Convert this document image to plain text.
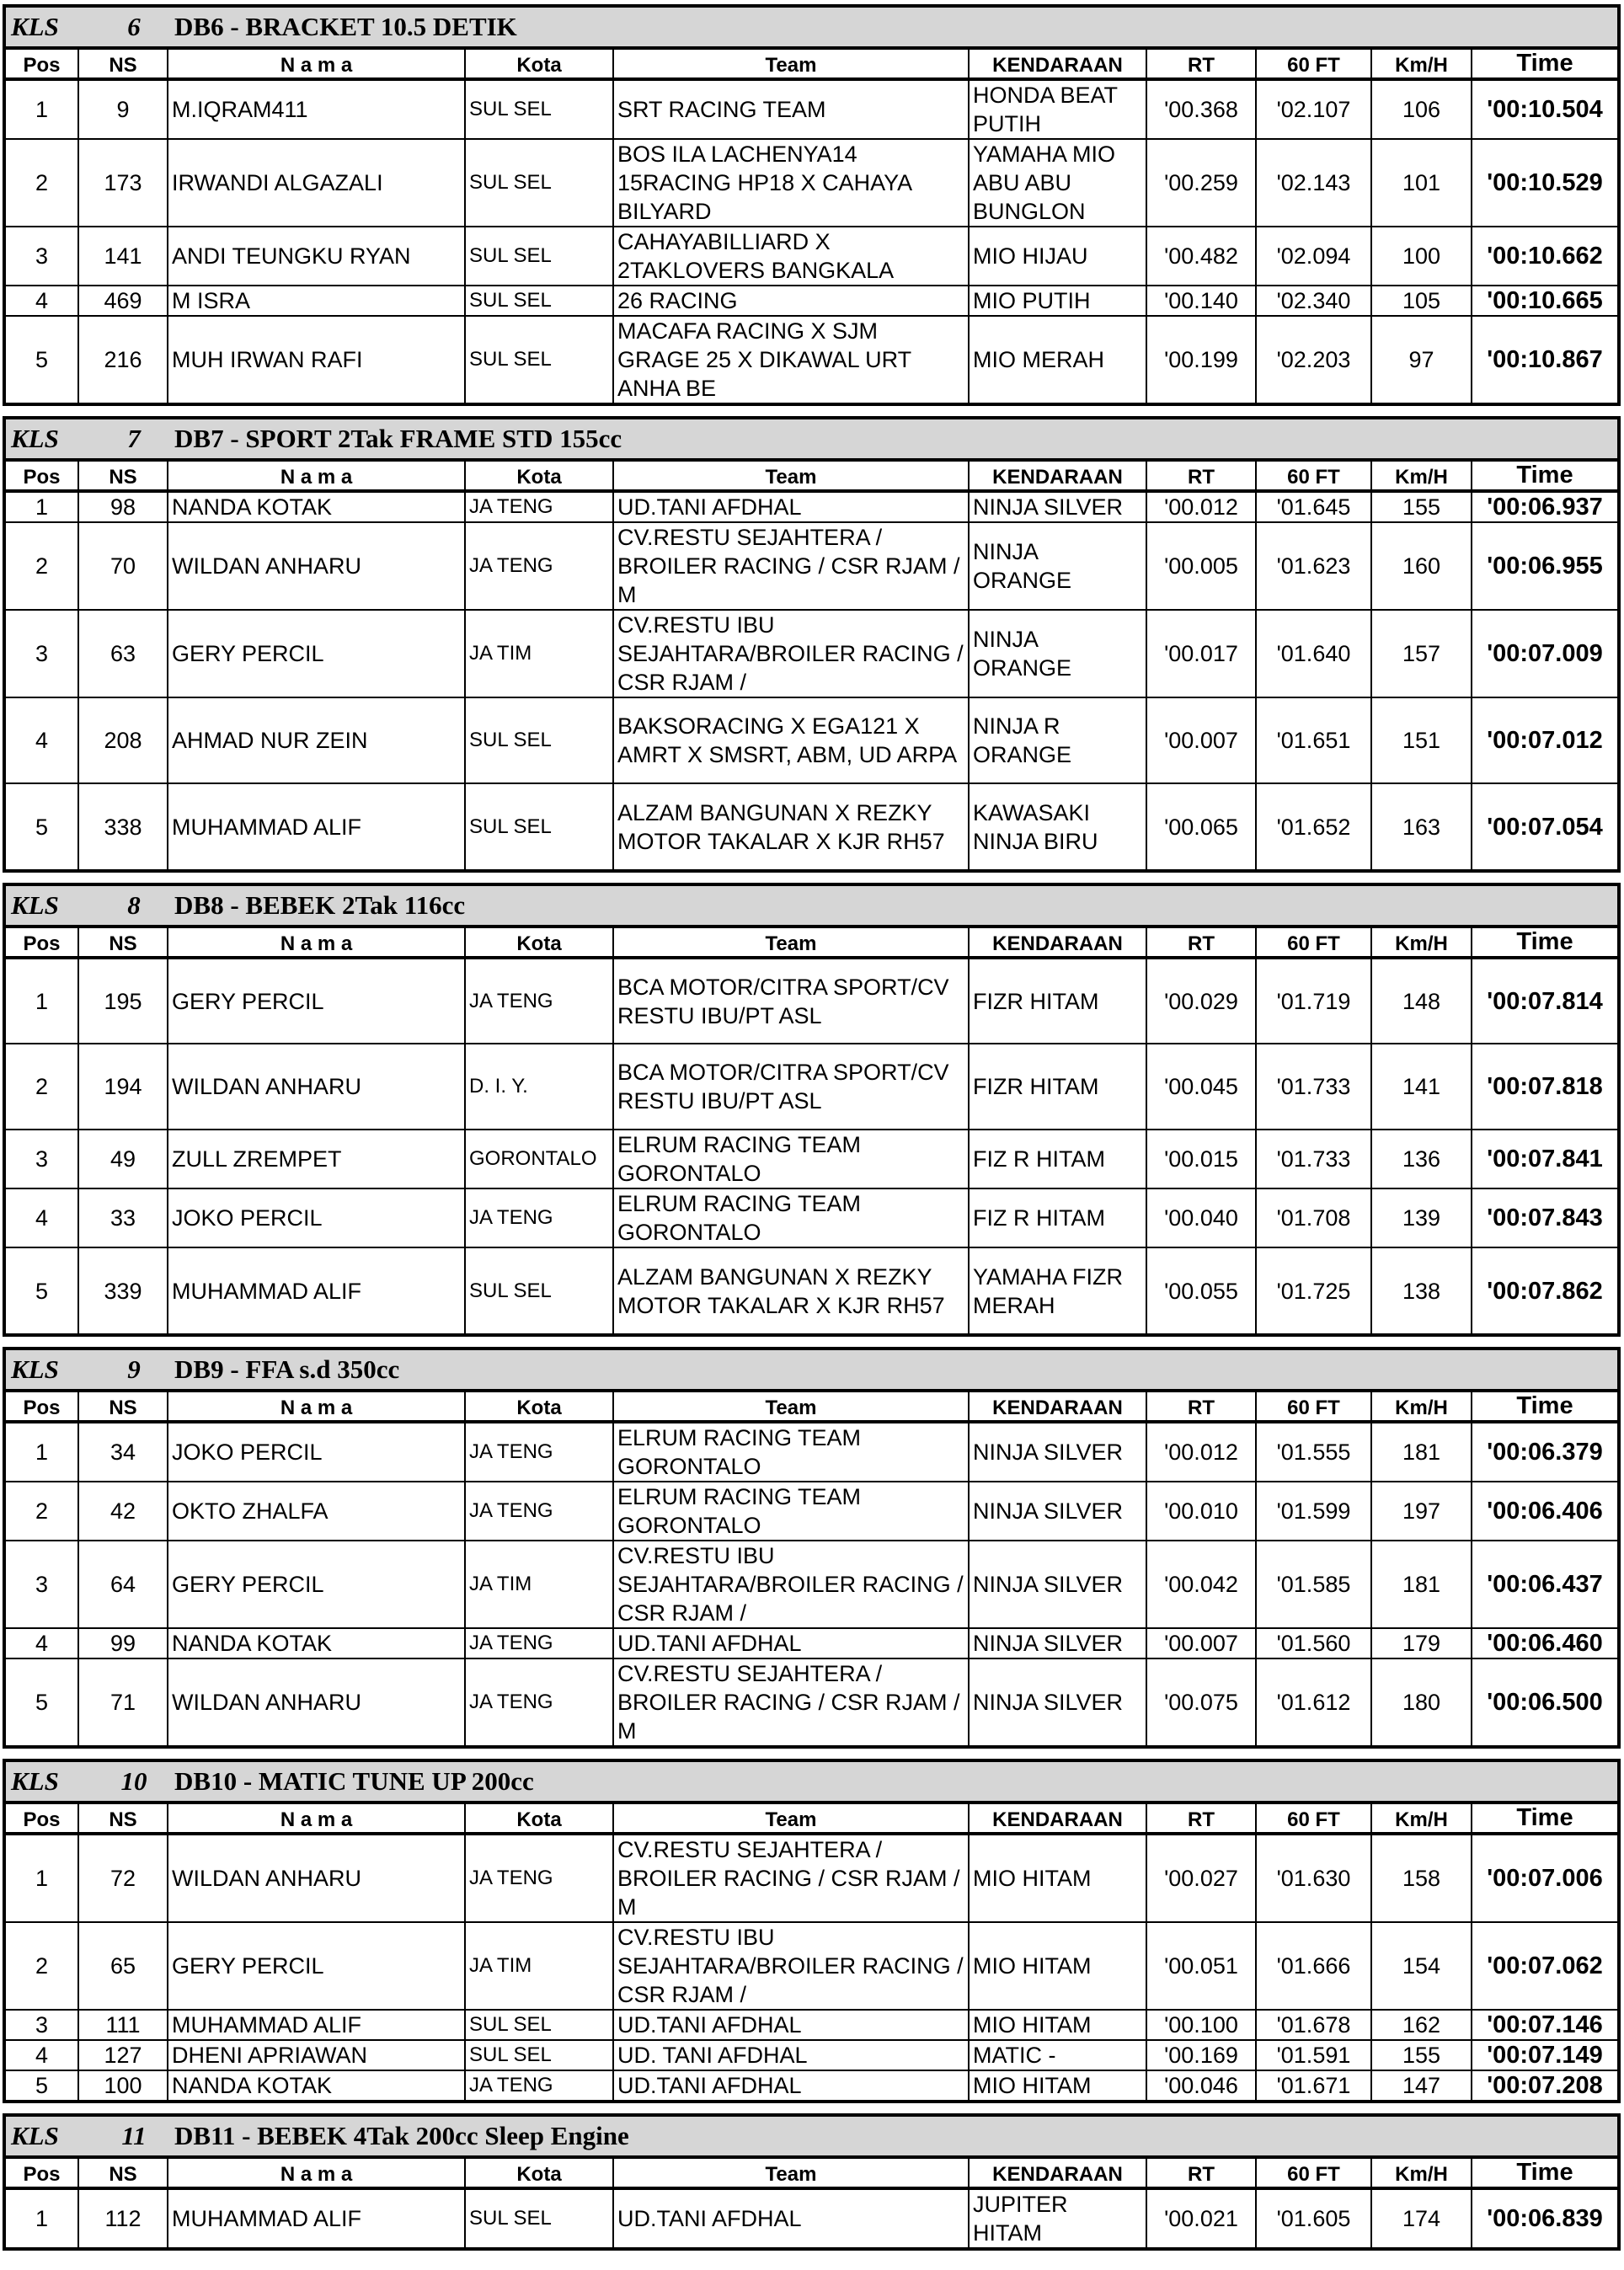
KLS	6	DB6 - BRACKET 10.5 DETIK
Pos	NS	N a m a	Kota	Team	KENDARAAN	RT	60 FT	Km/H	Time
1	9	M.IQRAM411	SUL SEL	SRT RACING TEAM	HONDA BEAT PUTIH	'00.368	'02.107	106	'00:10.504
2	173	IRWANDI ALGAZALI	SUL SEL	BOS ILA LACHENYA14 15RACING HP18 X CAHAYA BILYARD	YAMAHA MIO ABU ABU BUNGLON	'00.259	'02.143	101	'00:10.529
3	141	ANDI TEUNGKU RYAN	SUL SEL	CAHAYABILLIARD X 2TAKLOVERS BANGKALA	MIO HIJAU	'00.482	'02.094	100	'00:10.662
4	469	M ISRA	SUL SEL	26 RACING	MIO PUTIH	'00.140	'02.340	105	'00:10.665
5	216	MUH IRWAN RAFI	SUL SEL	MACAFA RACING X SJM GRAGE 25 X DIKAWAL URT ANHA BE	MIO MERAH	'00.199	'02.203	97	'00:10.867
KLS	7	DB7 - SPORT 2Tak FRAME STD 155cc
Pos	NS	N a m a	Kota	Team	KENDARAAN	RT	60 FT	Km/H	Time
1	98	NANDA KOTAK	JA TENG	UD.TANI AFDHAL	NINJA SILVER	'00.012	'01.645	155	'00:06.937
2	70	WILDAN ANHARU	JA TENG	CV.RESTU SEJAHTERA / BROILER RACING / CSR RJAM / M	NINJA ORANGE	'00.005	'01.623	160	'00:06.955
3	63	GERY PERCIL	JA TIM	CV.RESTU IBU SEJAHTARA/BROILER RACING / CSR RJAM /	NINJA ORANGE	'00.017	'01.640	157	'00:07.009
4	208	AHMAD NUR ZEIN	SUL SEL	BAKSORACING X EGA121 X AMRT X SMSRT, ABM, UD ARPA	NINJA R ORANGE	'00.007	'01.651	151	'00:07.012
5	338	MUHAMMAD ALIF	SUL SEL	ALZAM BANGUNAN X REZKY MOTOR TAKALAR X KJR RH57	KAWASAKI NINJA BIRU	'00.065	'01.652	163	'00:07.054
KLS	8	DB8 - BEBEK 2Tak 116cc
Pos	NS	N a m a	Kota	Team	KENDARAAN	RT	60 FT	Km/H	Time
1	195	GERY PERCIL	JA TENG	BCA MOTOR/CITRA SPORT/CV RESTU IBU/PT ASL	FIZR HITAM	'00.029	'01.719	148	'00:07.814
2	194	WILDAN ANHARU	D. I. Y.	BCA MOTOR/CITRA SPORT/CV RESTU IBU/PT ASL	FIZR HITAM	'00.045	'01.733	141	'00:07.818
3	49	ZULL ZREMPET	GORONTALO	ELRUM RACING TEAM GORONTALO	FIZ R HITAM	'00.015	'01.733	136	'00:07.841
4	33	JOKO PERCIL	JA TENG	ELRUM RACING TEAM GORONTALO	FIZ R HITAM	'00.040	'01.708	139	'00:07.843
5	339	MUHAMMAD ALIF	SUL SEL	ALZAM BANGUNAN X REZKY MOTOR TAKALAR X KJR RH57	YAMAHA FIZR MERAH	'00.055	'01.725	138	'00:07.862
KLS	9	DB9 - FFA s.d 350cc
Pos	NS	N a m a	Kota	Team	KENDARAAN	RT	60 FT	Km/H	Time
1	34	JOKO PERCIL	JA TENG	ELRUM RACING TEAM GORONTALO	NINJA SILVER	'00.012	'01.555	181	'00:06.379
2	42	OKTO ZHALFA	JA TENG	ELRUM RACING TEAM GORONTALO	NINJA SILVER	'00.010	'01.599	197	'00:06.406
3	64	GERY PERCIL	JA TIM	CV.RESTU IBU SEJAHTARA/BROILER RACING / CSR RJAM /	NINJA SILVER	'00.042	'01.585	181	'00:06.437
4	99	NANDA KOTAK	JA TENG	UD.TANI AFDHAL	NINJA SILVER	'00.007	'01.560	179	'00:06.460
5	71	WILDAN ANHARU	JA TENG	CV.RESTU SEJAHTERA / BROILER RACING / CSR RJAM / M	NINJA SILVER	'00.075	'01.612	180	'00:06.500
KLS	10	DB10 - MATIC TUNE UP 200cc
Pos	NS	N a m a	Kota	Team	KENDARAAN	RT	60 FT	Km/H	Time
1	72	WILDAN ANHARU	JA TENG	CV.RESTU SEJAHTERA / BROILER RACING / CSR RJAM / M	MIO HITAM	'00.027	'01.630	158	'00:07.006
2	65	GERY PERCIL	JA TIM	CV.RESTU IBU SEJAHTARA/BROILER RACING / CSR RJAM /	MIO HITAM	'00.051	'01.666	154	'00:07.062
3	111	MUHAMMAD ALIF	SUL SEL	UD.TANI AFDHAL	MIO HITAM	'00.100	'01.678	162	'00:07.146
4	127	DHENI APRIAWAN	SUL SEL	UD. TANI AFDHAL	MATIC -	'00.169	'01.591	155	'00:07.149
5	100	NANDA KOTAK	JA TENG	UD.TANI AFDHAL	MIO HITAM	'00.046	'01.671	147	'00:07.208
KLS	11	DB11 - BEBEK 4Tak 200cc Sleep Engine
Pos	NS	N a m a	Kota	Team	KENDARAAN	RT	60 FT	Km/H	Time
1	112	MUHAMMAD ALIF	SUL SEL	UD.TANI AFDHAL	JUPITER HITAM	'00.021	'01.605	174	'00:06.839
